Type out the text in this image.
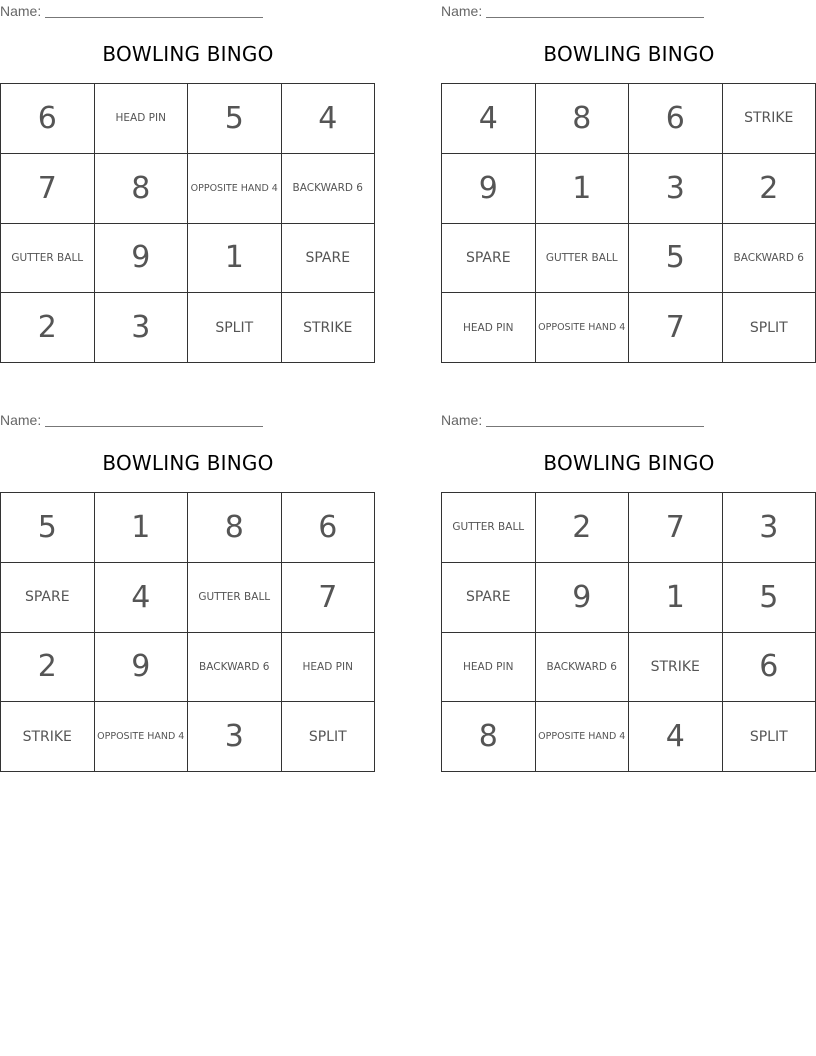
Name:
BOWLING BINGO
6	HEAD PIN	5	4
7	8	OPPOSITE HAND 4	BACKWARD 6
GUTTER BALL	9	1	SPARE
2	3	SPLIT	STRIKE
Name:
BOWLING BINGO
4	8	6	STRIKE
9	1	3	2
SPARE	GUTTER BALL	5	BACKWARD 6
HEAD PIN	OPPOSITE HAND 4	7	SPLIT
Name:
BOWLING BINGO
5	1	8	6
SPARE	4	GUTTER BALL	7
2	9	BACKWARD 6	HEAD PIN
STRIKE	OPPOSITE HAND 4	3	SPLIT
Name:
BOWLING BINGO
GUTTER BALL	2	7	3
SPARE	9	1	5
HEAD PIN	BACKWARD 6	STRIKE	6
8	OPPOSITE HAND 4	4	SPLIT
